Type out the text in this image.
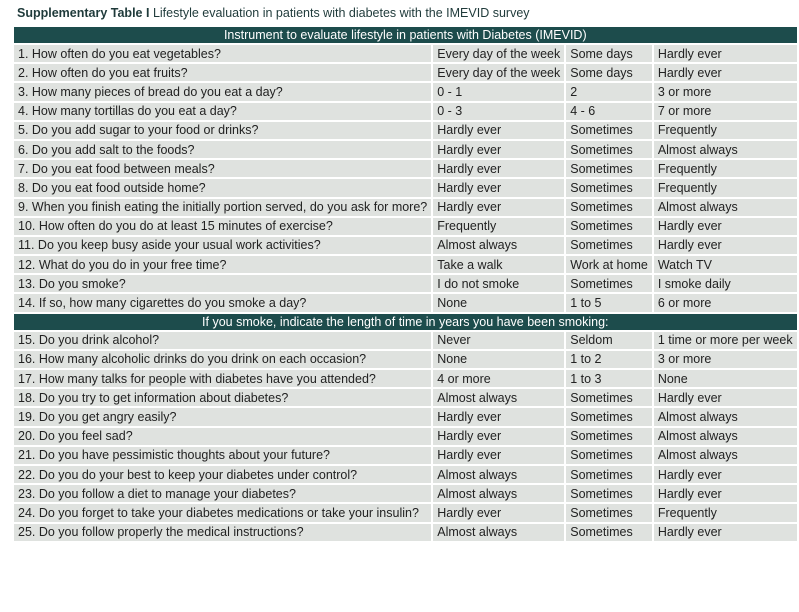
Supplementary Table I Lifestyle evaluation in patients with diabetes with the IMEVID survey
Instrument to evaluate lifestyle in patients with Diabetes (IMEVID)			
1. How often do you eat vegetables?	Every day of the week	Some days	Hardly ever
2. How often do you eat fruits?	Every day of the week	Some days	Hardly ever
3. How many pieces of bread do you eat a day?	0 - 1	2	3 or more
4. How many tortillas do you eat a day?	0 - 3	4 - 6	7 or more
5. Do you add sugar to your food or drinks?	Hardly ever	Sometimes	Frequently
6. Do you add salt to the foods?	Hardly ever	Sometimes	Almost always
7. Do you eat food between meals?	Hardly ever	Sometimes	Frequently
8. Do you eat food outside home?	Hardly ever	Sometimes	Frequently
9. When you finish eating the initially portion served, do you ask for more?	Hardly ever	Sometimes	Almost always
10. How often do you do at least 15 minutes of exercise?	Frequently	Sometimes	Hardly ever
11. Do you keep busy aside your usual work activities?	Almost always	Sometimes	Hardly ever
12. What do you do in your free time?	Take a walk	Work at home	Watch TV
13. Do you smoke?	I do not smoke	Sometimes	I smoke daily
14. If so, how many cigarettes do you smoke a day?	None	1 to 5	6 or more
If you smoke, indicate the length of time in years you have been smoking:			
15. Do you drink alcohol?	Never	Seldom	1 time or more per week
16. How many alcoholic drinks do you drink on each occasion?	None	1 to 2	3 or more
17. How many talks for people with diabetes have you attended?	4 or more	1 to 3	None
18. Do you try to get information about diabetes?	Almost always	Sometimes	Hardly ever
19. Do you get angry easily?	Hardly ever	Sometimes	Almost always
20. Do you feel sad?	Hardly ever	Sometimes	Almost always
21. Do you have pessimistic thoughts about your future?	Hardly ever	Sometimes	Almost always
22. Do you do your best to keep your diabetes under control?	Almost always	Sometimes	Hardly ever
23. Do you follow a diet to manage your diabetes?	Almost always	Sometimes	Hardly ever
24. Do you forget to take your diabetes medications or take your insulin?	Hardly ever	Sometimes	Frequently
25. Do you follow properly the medical instructions?	Almost always	Sometimes	Hardly ever
